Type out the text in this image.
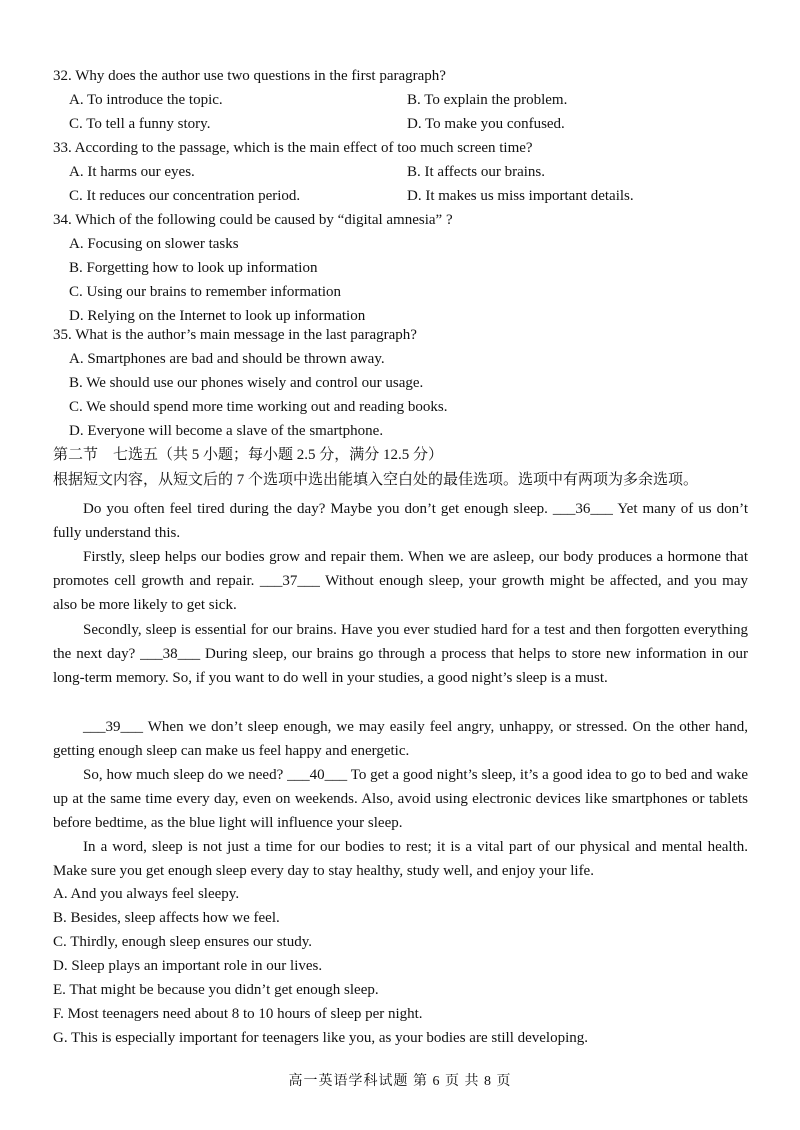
32. Why does the author use two questions in the first paragraph?
A. To introduce the topic.	B. To explain the problem.
C. To tell a funny story.	D. To make you confused.
33. According to the passage, which is the main effect of too much screen time?
A. It harms our eyes.	B. It affects our brains.
C. It reduces our concentration period.	D. It makes us miss important details.
34. Which of the following could be caused by “digital amnesia” ?
A. Focusing on slower tasks
B. Forgetting how to look up information
C. Using our brains to remember information
D. Relying on the Internet to look up information
35. What is the author’s main message in the last paragraph?
A. Smartphones are bad and should be thrown away.
B. We should use our phones wisely and control our usage.
C. We should spend more time working out and reading books.
D. Everyone will become a slave of the smartphone.
第二节　七选五（共 5 小题；每小题 2.5 分，满分 12.5 分）
根据短文内容，从短文后的 7 个选项中选出能填入空白处的最佳选项。选项中有两项为多余选项。
Do you often feel tired during the day? Maybe you don’t get enough sleep. ___36___ Yet many of us don’t fully understand this.
Firstly, sleep helps our bodies grow and repair them. When we are asleep, our body produces a hormone that promotes cell growth and repair. ___37___ Without enough sleep, your growth might be affected, and you may also be more likely to get sick.
Secondly, sleep is essential for our brains. Have you ever studied hard for a test and then forgotten everything the next day? ___38___ During sleep, our brains go through a process that helps to store new information in our long-term memory. So, if you want to do well in your studies, a good night’s sleep is a must.
___39___ When we don’t sleep enough, we may easily feel angry, unhappy, or stressed. On the other hand, getting enough sleep can make us feel happy and energetic.
So, how much sleep do we need? ___40___ To get a good night’s sleep, it’s a good idea to go to bed and wake up at the same time every day, even on weekends. Also, avoid using electronic devices like smartphones or tablets before bedtime, as the blue light will influence your sleep.
In a word, sleep is not just a time for our bodies to rest; it is a vital part of our physical and mental health. Make sure you get enough sleep every day to stay healthy, study well, and enjoy your life.
A. And you always feel sleepy.
B. Besides, sleep affects how we feel.
C. Thirdly, enough sleep ensures our study.
D. Sleep plays an important role in our lives.
E. That might be because you didn’t get enough sleep.
F. Most teenagers need about 8 to 10 hours of sleep per night.
G. This is especially important for teenagers like you, as your bodies are still developing.
高一英语学科试题 第 6 页 共 8 页
